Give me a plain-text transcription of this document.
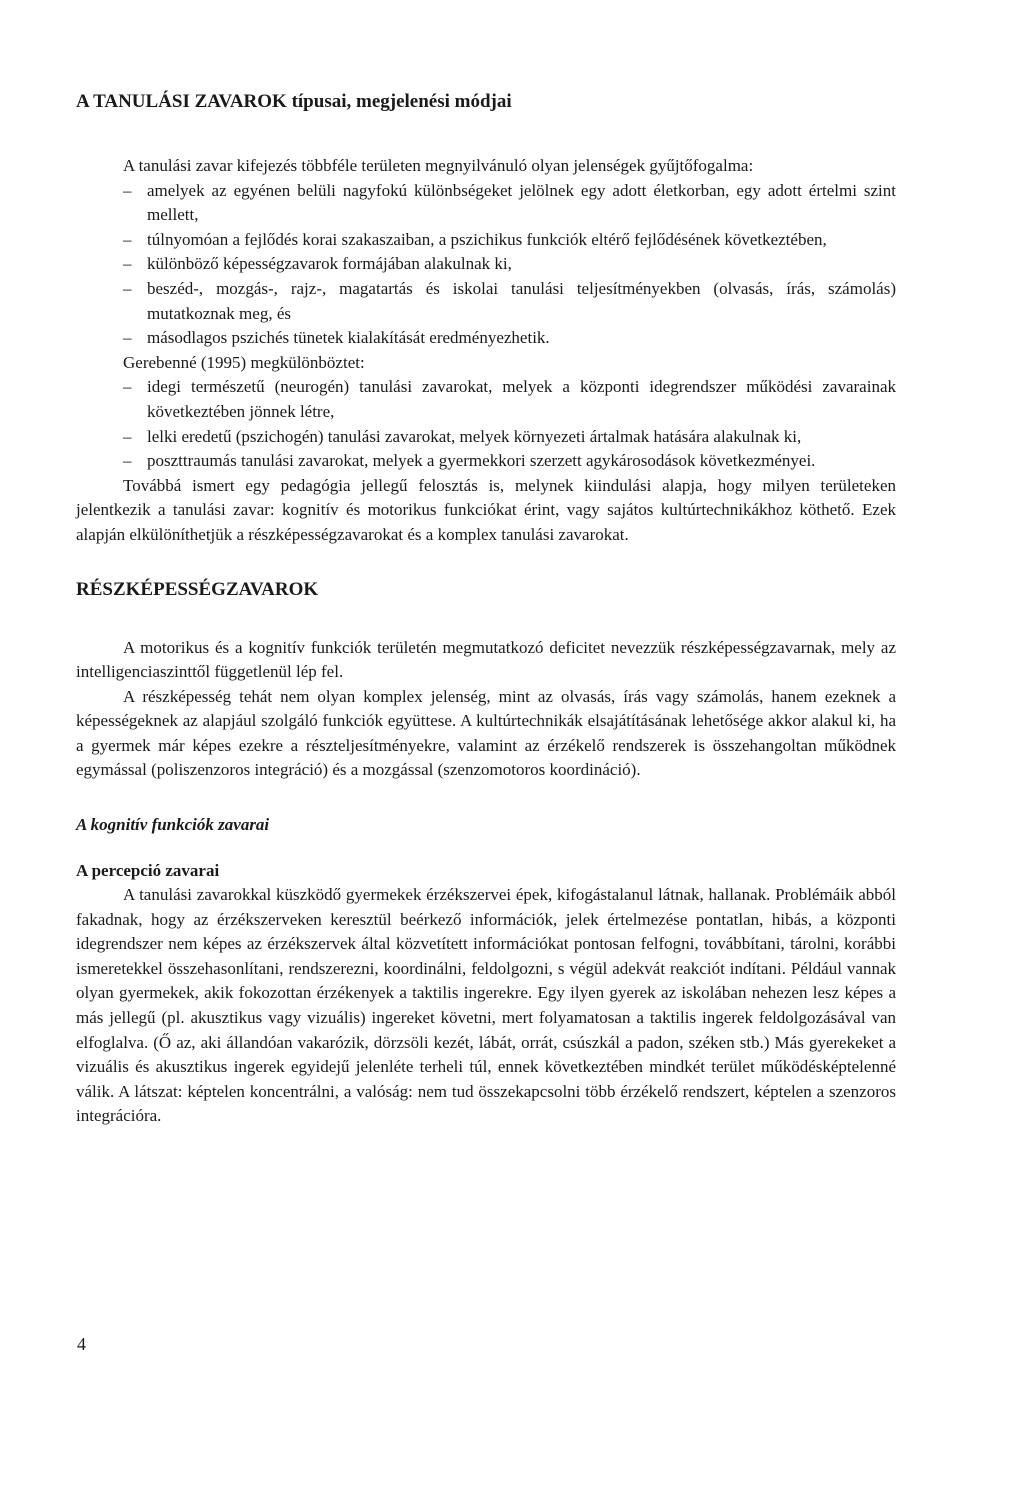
A TANULÁSI ZAVAROK típusai, megjelenési módjai

A tanulási zavar kifejezés többféle területen megnyilvánuló olyan jelenségek gyűjtőfogalma:

– amelyek az egyénen belüli nagyfokú különbségeket jelölnek egy adott életkorban, egy adott értelmi szint mellett,
– túlnyomóan a fejlődés korai szakaszaiban, a pszichikus funkciók eltérő fejlődésének következtében,
– különböző képességzavarok formájában alakulnak ki,
– beszéd-, mozgás-, rajz-, magatartás és iskolai tanulási teljesítményekben (olvasás, írás, számolás) mutatkoznak meg, és
– másodlagos pszichés tünetek kialakítását eredményezhetik.

Gerebenné (1995) megkülönböztet:

– idegi természetű (neurogén) tanulási zavarokat, melyek a központi idegrendszer működési zavarainak következtében jönnek létre,
– lelki eredetű (pszichogén) tanulási zavarokat, melyek környezeti ártalmak hatására alakulnak ki,
– poszttraumás tanulási zavarokat, melyek a gyermekkori szerzett agykárosodások következményei.

Továbbá ismert egy pedagógia jellegű felosztás is, melynek kiindulási alapja, hogy milyen területeken jelentkezik a tanulási zavar: kognitív és motorikus funkciókat érint, vagy sajátos kultúrtechnikákhoz köthető. Ezek alapján elkülöníthetjük a részképességzavarokat és a komplex tanulási zavarokat.

RÉSZKÉPESSÉGZAVAROK

A motorikus és a kognitív funkciók területén megmutatkozó deficitet nevezzük részképességzavarnak, mely az intelligenciaszinttől függetlenül lép fel.

A részképesség tehát nem olyan komplex jelenség, mint az olvasás, írás vagy számolás, hanem ezeknek a képességeknek az alapjául szolgáló funkciók együttese. A kultúrtechnikák elsajátításának lehetősége akkor alakul ki, ha a gyermek már képes ezekre a részteljesítményekre, valamint az érzékelő rendszerek is összehangoltan működnek egymással (poliszenzoros integráció) és a mozgással (szenzomotoros koordináció).

A kognitív funkciók zavarai
A percepció zavarai

A tanulási zavarokkal küszködő gyermekek érzékszervei épek, kifogástalanul látnak, hallanak. Problémáik abból fakadnak, hogy az érzékszerveken keresztül beérkező információk, jelek értelmezése pontatlan, hibás, a központi idegrendszer nem képes az érzékszervek által közvetített információkat pontosan felfogni, továbbítani, tárolni, korábbi ismeretekkel összehasonlítani, rendszerezni, koordinálni, feldolgozni, s végül adekvát reakciót indítani. Például vannak olyan gyermekek, akik fokozottan érzékenyek a taktilis ingerekre. Egy ilyen gyerek az iskolában nehezen lesz képes a más jellegű (pl. akusztikus vagy vizuális) ingereket követni, mert folyamatosan a taktilis ingerek feldolgozásával van elfoglalva. (Ő az, aki állandóan vakarózik, dörzsöli kezét, lábát, orrát, csúszkál a padon, széken stb.) Más gyerekeket a vizuális és akusztikus ingerek egyidejű jelenléte terheli túl, ennek következtében mindkét terület működésképtelenné válik. A látszat: képtelen koncentrálni, a valóság: nem tud összekapcsolni több érzékelő rendszert, képtelen a szenzoros integrációra.

4
